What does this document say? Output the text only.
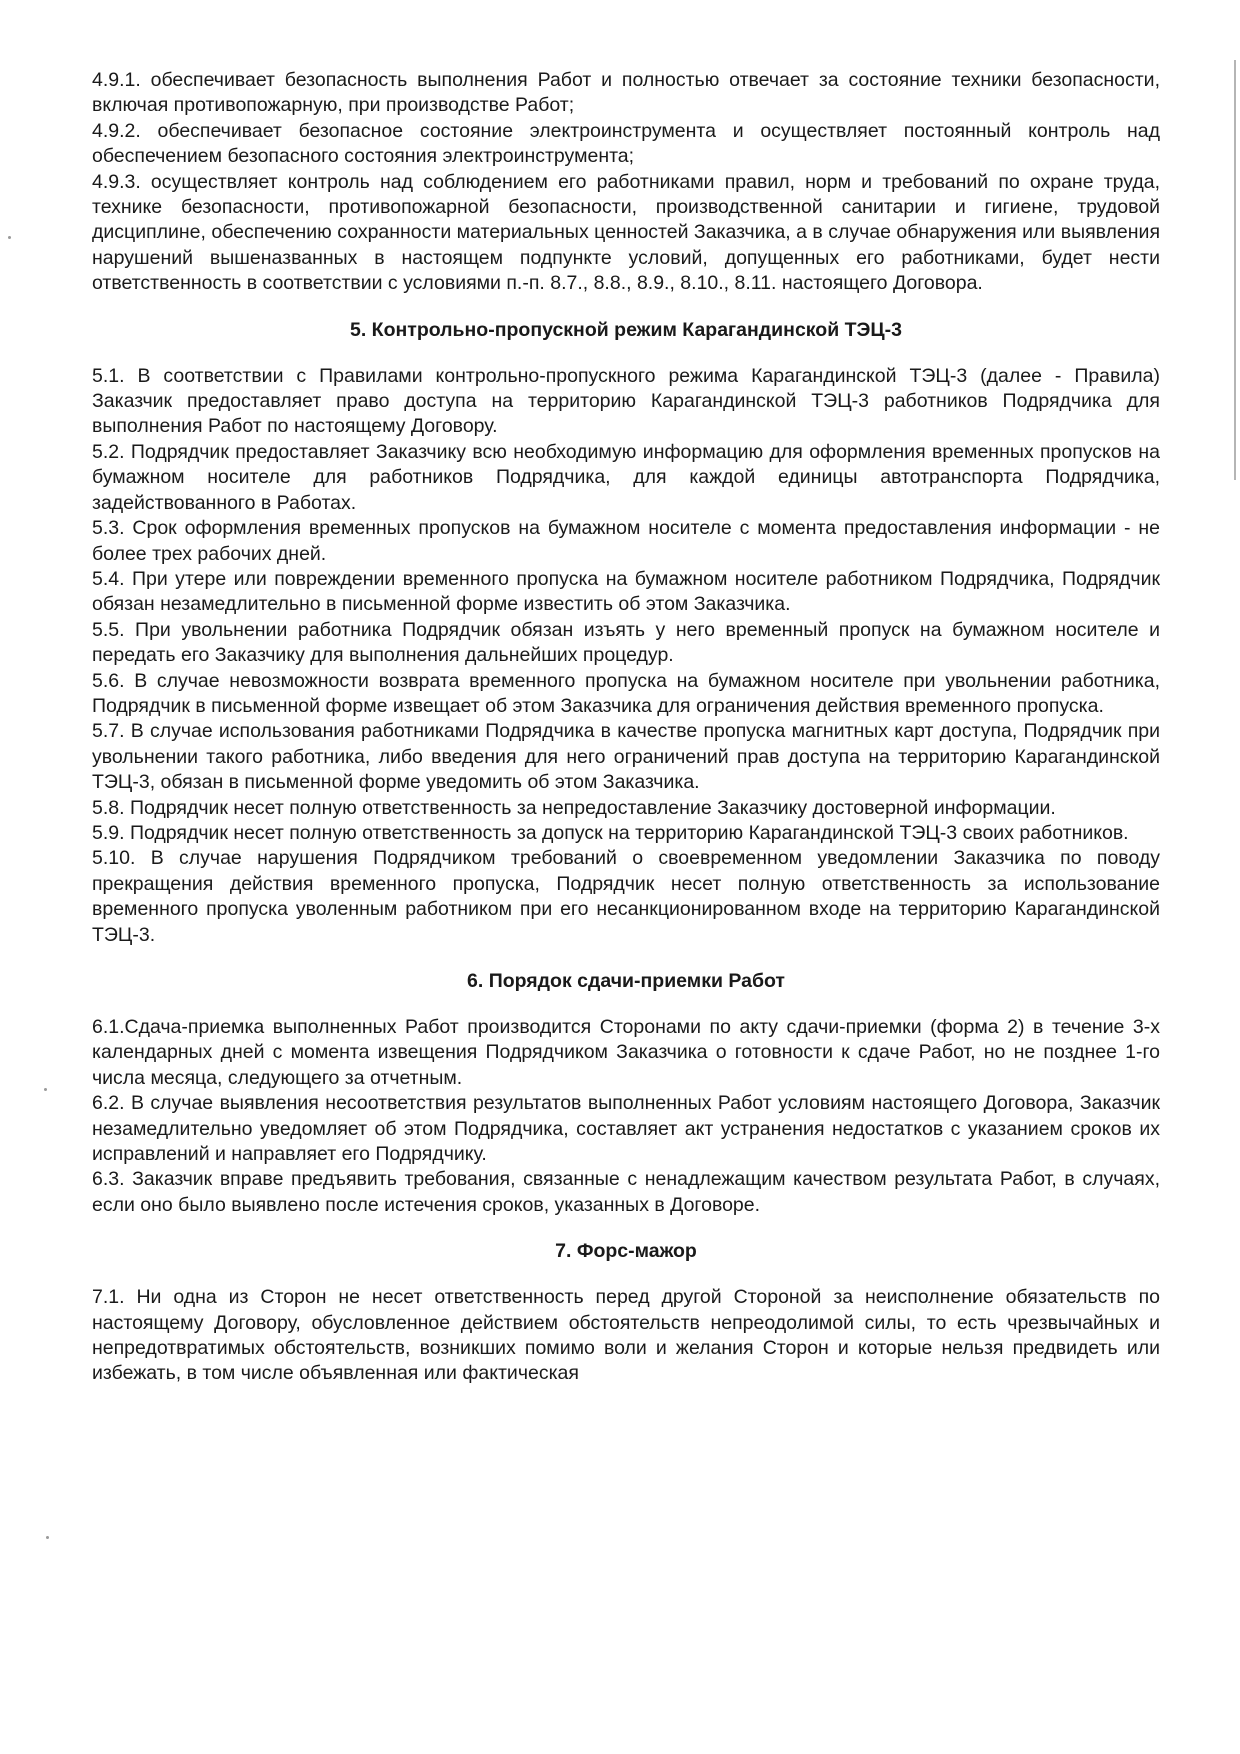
4.9.1. обеспечивает безопасность выполнения Работ и полностью отвечает за состояние техники безопасности, включая противопожарную, при производстве Работ;

4.9.2. обеспечивает безопасное состояние электроинструмента и осуществляет постоянный контроль над обеспечением безопасного состояния электроинструмента;

4.9.3. осуществляет контроль над соблюдением его работниками правил, норм и требований по охране труда, технике безопасности, противопожарной безопасности, производственной санитарии и гигиене, трудовой дисциплине, обеспечению сохранности материальных ценностей Заказчика, а в случае обнаружения или выявления нарушений вышеназванных в настоящем подпункте условий, допущенных его работниками, будет нести ответственность в соответствии с условиями п.-п. 8.7., 8.8., 8.9., 8.10., 8.11. настоящего Договора.

5. Контрольно-пропускной режим Карагандинской ТЭЦ-3

5.1. В соответствии с Правилами контрольно-пропускного режима Карагандинской ТЭЦ-3 (далее - Правила) Заказчик предоставляет право доступа на территорию Карагандинской ТЭЦ-3 работников Подрядчика для выполнения Работ по настоящему Договору.

5.2. Подрядчик предоставляет Заказчику всю необходимую информацию для оформления временных пропусков на бумажном носителе для работников Подрядчика, для каждой единицы автотранспорта Подрядчика, задействованного в Работах.

5.3. Срок оформления временных пропусков на бумажном носителе с момента предоставления информации - не более трех рабочих дней.

5.4. При утере или повреждении временного пропуска на бумажном носителе работником Подрядчика, Подрядчик обязан незамедлительно в письменной форме известить об этом Заказчика.

5.5. При увольнении работника Подрядчик обязан изъять у него временный пропуск на бумажном носителе и передать его Заказчику для выполнения дальнейших процедур.

5.6. В случае невозможности возврата временного пропуска на бумажном носителе при увольнении работника, Подрядчик в письменной форме извещает об этом Заказчика для ограничения действия временного пропуска.

5.7. В случае использования работниками Подрядчика в качестве пропуска магнитных карт доступа, Подрядчик при увольнении такого работника, либо введения для него ограничений прав доступа на территорию Карагандинской ТЭЦ-3, обязан в письменной форме уведомить об этом Заказчика.

5.8. Подрядчик несет полную ответственность за непредоставление Заказчику достоверной информации.

5.9. Подрядчик несет полную ответственность за допуск на территорию Карагандинской ТЭЦ-3 своих работников.

5.10. В случае нарушения Подрядчиком требований о своевременном уведомлении Заказчика по поводу прекращения действия временного пропуска, Подрядчик несет полную ответственность за использование временного пропуска уволенным работником при его несанкционированном входе на территорию Карагандинской ТЭЦ-3.

6. Порядок сдачи-приемки Работ

6.1.Сдача-приемка выполненных Работ производится Сторонами по акту сдачи-приемки (форма 2) в течение 3-х календарных дней с момента извещения Подрядчиком Заказчика о готовности к сдаче Работ, но не позднее 1-го числа месяца, следующего за отчетным.

6.2. В случае выявления несоответствия результатов выполненных Работ условиям настоящего Договора, Заказчик незамедлительно уведомляет об этом Подрядчика, составляет акт устранения недостатков с указанием сроков их исправлений и направляет его Подрядчику.

6.3. Заказчик вправе предъявить требования, связанные с ненадлежащим качеством результата Работ, в случаях, если оно было выявлено после истечения сроков, указанных в Договоре.

7. Форс-мажор

7.1. Ни одна из Сторон не несет ответственность перед другой Стороной за неисполнение обязательств по настоящему Договору, обусловленное действием обстоятельств непреодолимой силы, то есть чрезвычайных и непредотвратимых обстоятельств, возникших помимо воли и желания Сторон и которые нельзя предвидеть или избежать, в том числе объявленная или фактическая
